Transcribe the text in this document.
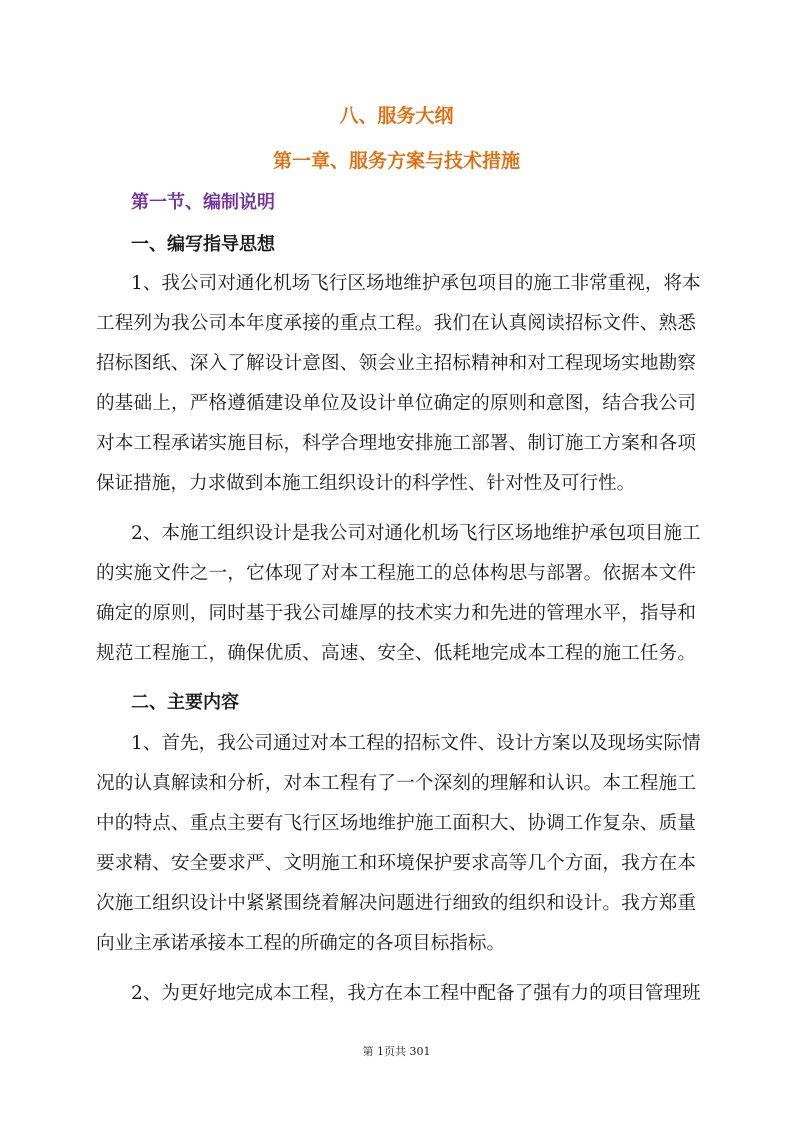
八、服务大纲
第一章、服务方案与技术措施
第一节、编制说明
一、编写指导思想
1、我公司对通化机场飞行区场地维护承包项目的施工非常重视，将本
工程列为我公司本年度承接的重点工程。我们在认真阅读招标文件、熟悉
招标图纸、深入了解设计意图、领会业主招标精神和对工程现场实地勘察
的基础上，严格遵循建设单位及设计单位确定的原则和意图，结合我公司
对本工程承诺实施目标，科学合理地安排施工部署、制订施工方案和各项
保证措施，力求做到本施工组织设计的科学性、针对性及可行性。
2、本施工组织设计是我公司对通化机场飞行区场地维护承包项目施工
的实施文件之一，它体现了对本工程施工的总体构思与部署。依据本文件
确定的原则，同时基于我公司雄厚的技术实力和先进的管理水平，指导和
规范工程施工，确保优质、高速、安全、低耗地完成本工程的施工任务。
二、主要内容
1、首先，我公司通过对本工程的招标文件、设计方案以及现场实际情
况的认真解读和分析，对本工程有了一个深刻的理解和认识。本工程施工
中的特点、重点主要有飞行区场地维护施工面积大、协调工作复杂、质量
要求精、安全要求严、文明施工和环境保护要求高等几个方面，我方在本
次施工组织设计中紧紧围绕着解决问题进行细致的组织和设计。我方郑重
向业主承诺承接本工程的所确定的各项目标指标。
2、为更好地完成本工程，我方在本工程中配备了强有力的项目管理班
第 1页共 301
